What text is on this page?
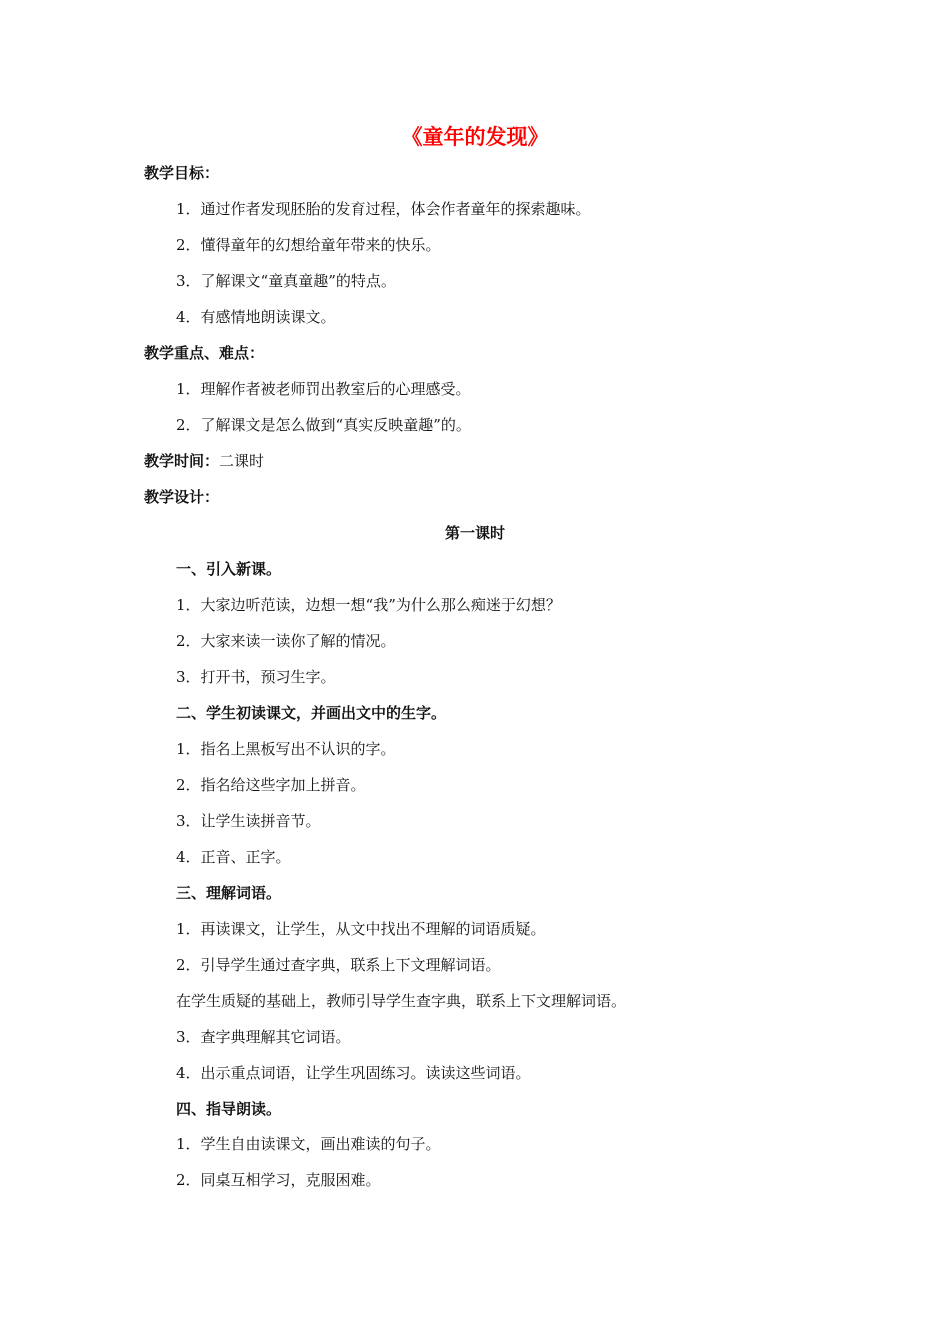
《童年的发现》
教学目标：
1．通过作者发现胚胎的发育过程，体会作者童年的探索趣味。
2．懂得童年的幻想给童年带来的快乐。
3．了解课文“童真童趣”的特点。
4．有感情地朗读课文。
教学重点、难点：
1．理解作者被老师罚出教室后的心理感受。
2．了解课文是怎么做到“真实反映童趣”的。
教学时间：二课时
教学设计：
第一课时
一、引入新课。
1．大家边听范读，边想一想“我”为什么那么痴迷于幻想？
2．大家来读一读你了解的情况。
3．打开书，预习生字。
二、学生初读课文，并画出文中的生字。
1．指名上黑板写出不认识的字。
2．指名给这些字加上拼音。
3．让学生读拼音节。
4．正音、正字。
三、理解词语。
1．再读课文，让学生，从文中找出不理解的词语质疑。
2．引导学生通过查字典，联系上下文理解词语。
在学生质疑的基础上，教师引导学生查字典，联系上下文理解词语。
3．查字典理解其它词语。
4．出示重点词语，让学生巩固练习。读读这些词语。
四、指导朗读。
1．学生自由读课文，画出难读的句子。
2．同桌互相学习，克服困难。
